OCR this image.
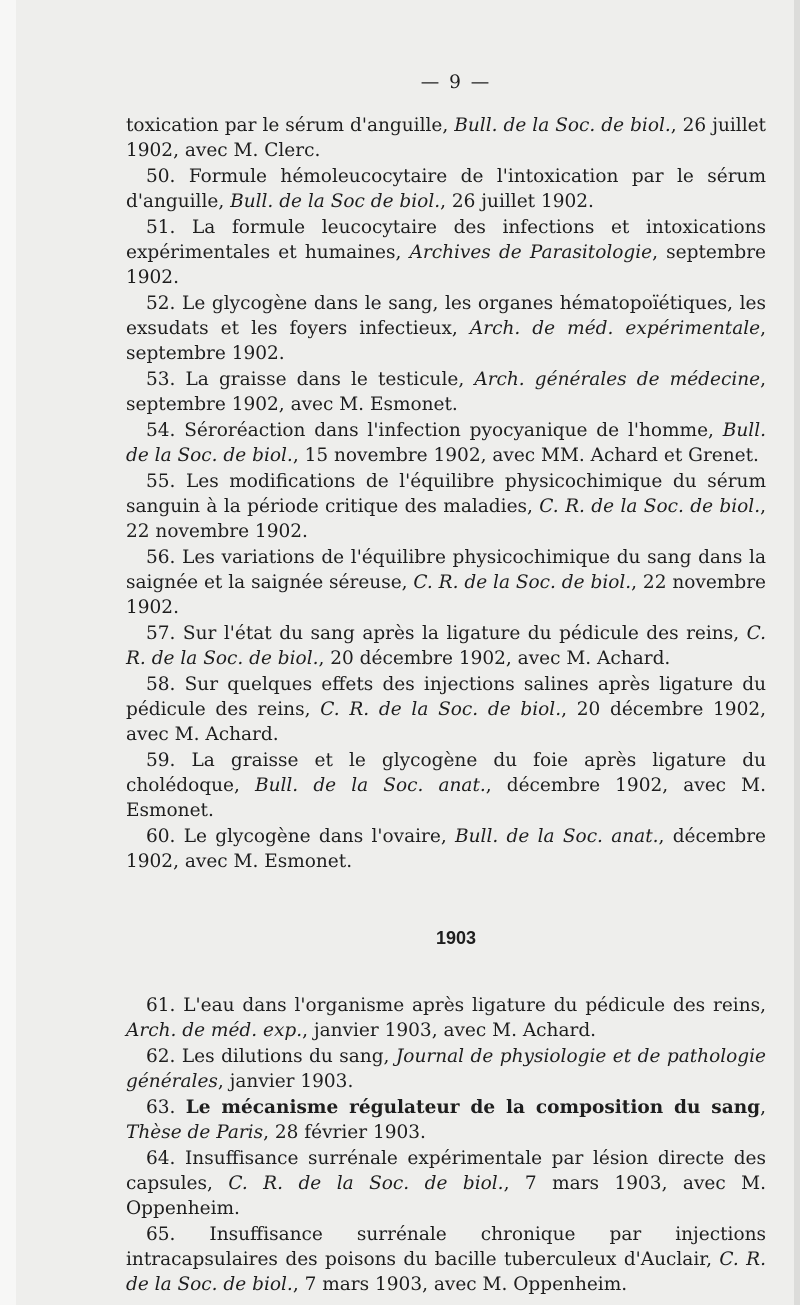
— 9 —

toxication par le sérum d'anguille, Bull. de la Soc. de biol., 26 juillet 1902, avec M. Clerc.

50. Formule hémoleucocytaire de l'intoxication par le sérum d'anguille, Bull. de la Soc de biol., 26 juillet 1902.

51. La formule leucocytaire des infections et intoxications expérimentales et humaines, Archives de Parasitologie, septembre 1902.

52. Le glycogène dans le sang, les organes hématopoïétiques, les exsudats et les foyers infectieux, Arch. de méd. expérimentale, septembre 1902.

53. La graisse dans le testicule, Arch. générales de médecine, septembre 1902, avec M. Esmonet.

54. Séroréaction dans l'infection pyocyanique de l'homme, Bull. de la Soc. de biol., 15 novembre 1902, avec MM. Achard et Grenet.

55. Les modifications de l'équilibre physicochimique du sérum sanguin à la période critique des maladies, C. R. de la Soc. de biol., 22 novembre 1902.

56. Les variations de l'équilibre physicochimique du sang dans la saignée et la saignée séreuse, C. R. de la Soc. de biol., 22 novembre 1902.

57. Sur l'état du sang après la ligature du pédicule des reins, C. R. de la Soc. de biol., 20 décembre 1902, avec M. Achard.

58. Sur quelques effets des injections salines après ligature du pédicule des reins, C. R. de la Soc. de biol., 20 décembre 1902, avec M. Achard.

59. La graisse et le glycogène du foie après ligature du cholédoque, Bull. de la Soc. anat., décembre 1902, avec M. Esmonet.

60. Le glycogène dans l'ovaire, Bull. de la Soc. anat., décembre 1902, avec M. Esmonet.

1903

61. L'eau dans l'organisme après ligature du pédicule des reins, Arch. de méd. exp., janvier 1903, avec M. Achard.

62. Les dilutions du sang, Journal de physiologie et de pathologie générales, janvier 1903.

63. Le mécanisme régulateur de la composition du sang, Thèse de Paris, 28 février 1903.

64. Insuffisance surrénale expérimentale par lésion directe des capsules, C. R. de la Soc. de biol., 7 mars 1903, avec M. Oppenheim.

65. Insuffisance surrénale chronique par injections intracapsulaires des poisons du bacille tuberculeux d'Auclair, C. R. de la Soc. de biol., 7 mars 1903, avec M. Oppenheim.
